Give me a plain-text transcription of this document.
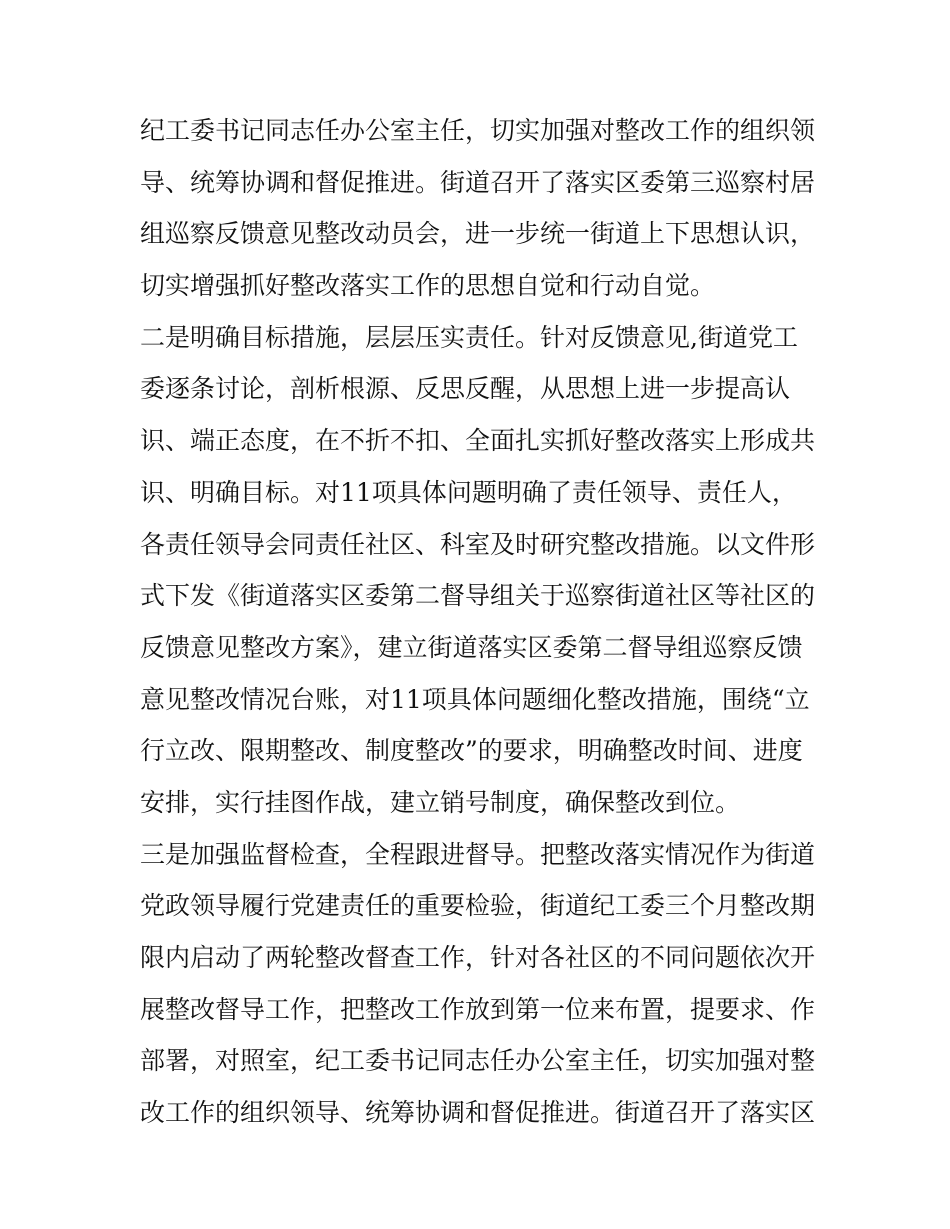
纪工委书记同志任办公室主任，切实加强对整改工作的组织领
导、统筹协调和督促推进。街道召开了落实区委第三巡察村居
组巡察反馈意见整改动员会，进一步统一街道上下思想认识，
切实增强抓好整改落实工作的思想自觉和行动自觉。
二是明确目标措施，层层压实责任。针对反馈意见,街道党工
委逐条讨论，剖析根源、反思反醒，从思想上进一步提高认
识、端正态度，在不折不扣、全面扎实抓好整改落实上形成共
识、明确目标。对11项具体问题明确了责任领导、责任人，
各责任领导会同责任社区、科室及时研究整改措施。以文件形
式下发《街道落实区委第二督导组关于巡察街道社区等社区的
反馈意见整改方案》，建立街道落实区委第二督导组巡察反馈
意见整改情况台账，对11项具体问题细化整改措施，围绕“立
行立改、限期整改、制度整改”的要求，明确整改时间、进度
安排，实行挂图作战，建立销号制度，确保整改到位。
三是加强监督检查，全程跟进督导。把整改落实情况作为街道
党政领导履行党建责任的重要检验，街道纪工委三个月整改期
限内启动了两轮整改督查工作，针对各社区的不同问题依次开
展整改督导工作，把整改工作放到第一位来布置，提要求、作
部署，对照室，纪工委书记同志任办公室主任，切实加强对整
改工作的组织领导、统筹协调和督促推进。街道召开了落实区
